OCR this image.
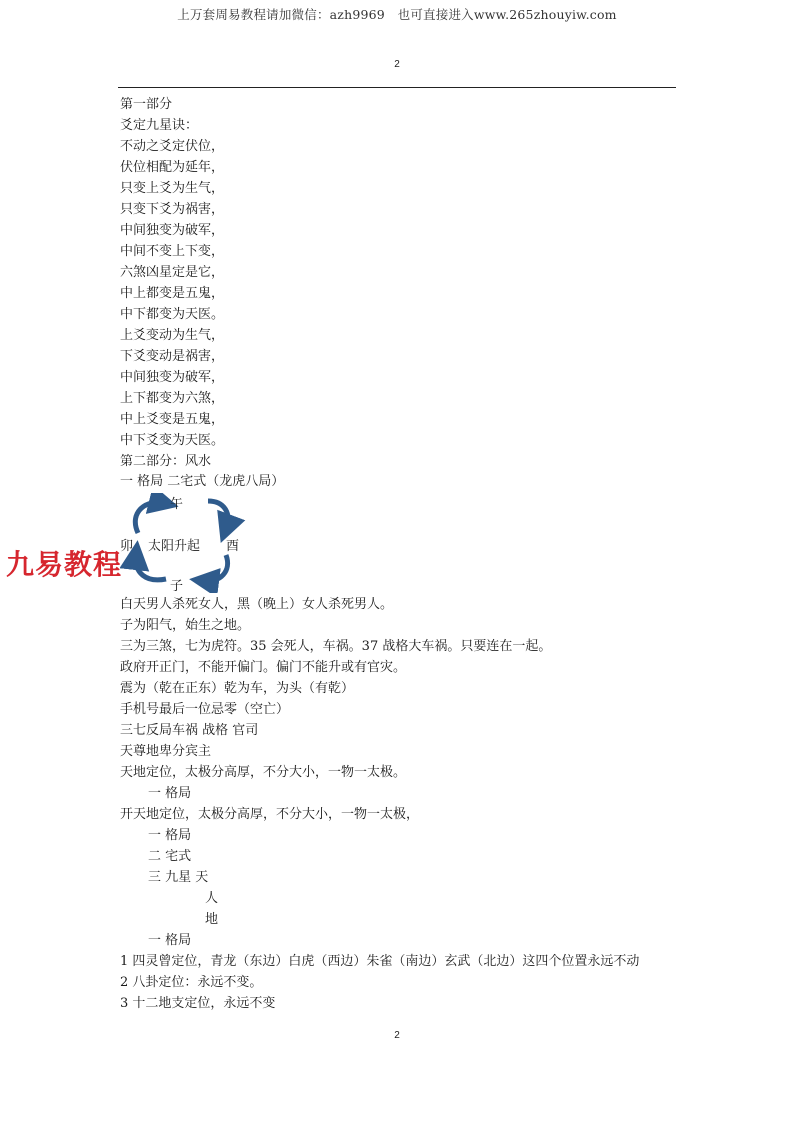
上万套周易教程请加微信：azh9969　也可直接进入www.265zhouyiw.com
2
第一部分
爻定九星诀：
不动之爻定伏位，
伏位相配为延年，
只变上爻为生气，
只变下爻为祸害，
中间独变为破军，
中间不变上下变，
六煞凶星定是它，
中上都变是五鬼，
中下都变为天医。
上爻变动为生气，
下爻变动是祸害，
中间独变为破军，
上下都变为六煞，
中上爻变是五鬼，
中下爻变为天医。
第二部分：风水
一 格局 二宅式（龙虎八局）
白天男人杀死女人，黑（晚上）女人杀死男人。
子为阳气，始生之地。
三为三煞，七为虎符。35 会死人，车祸。37 战格大车祸。只要连在一起。
政府开正门，不能开偏门。偏门不能升或有官灾。
震为（乾在正东）乾为车，为头（有乾）
手机号最后一位忌零（空亡）
三七反局车祸 战格 官司
天尊地卑分宾主
天地定位，太极分高厚，不分大小，一物一太极。
一 格局
开天地定位，太极分高厚，不分大小，一物一太极，
一 格局
二 宅式
三 九星 天
人
地
一 格局
1 四灵曾定位，青龙（东边）白虎（西边）朱雀（南边）玄武（北边）这四个位置永远不动
2 八卦定位：永远不变。
3 十二地支定位，永远不变
午
卯 太阳升起 酉
子
九易教程
2
